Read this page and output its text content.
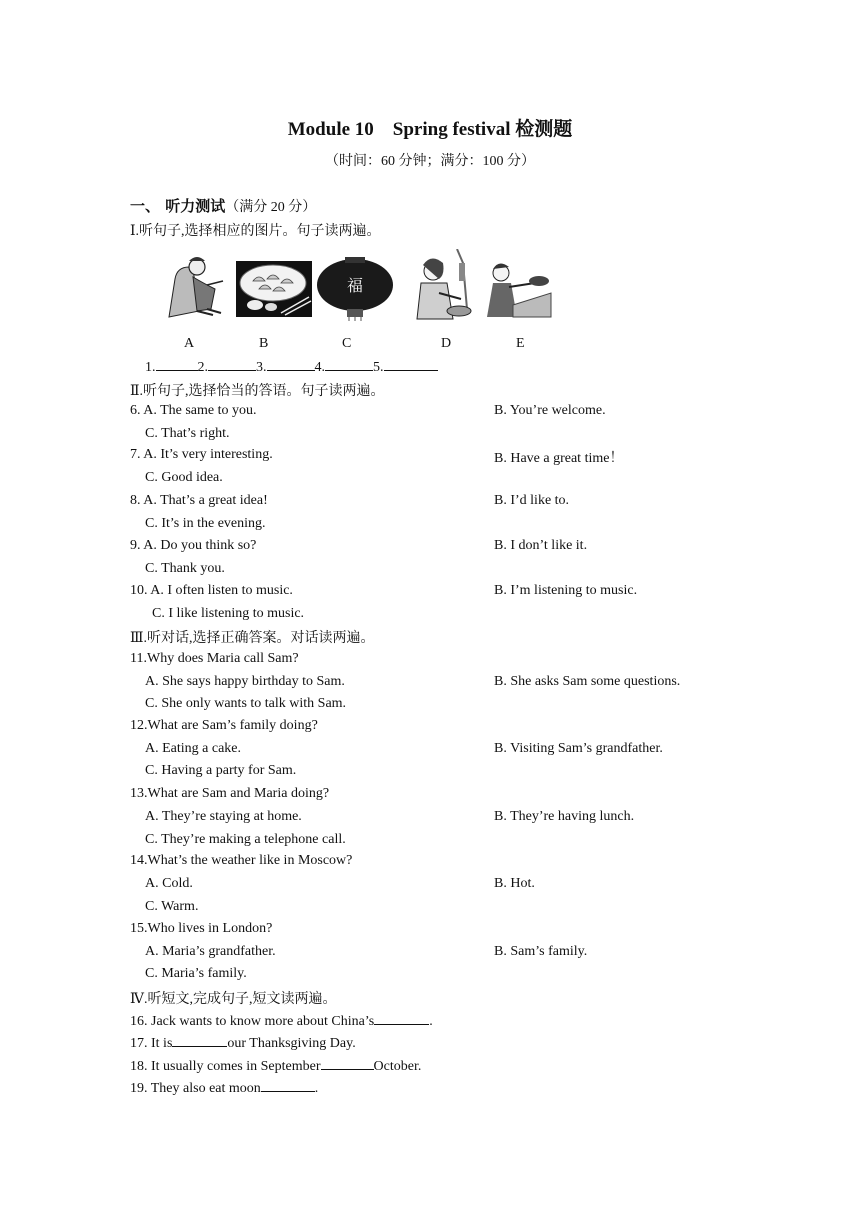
Module 10　Spring festival 检测题
（时间：60 分钟；满分：100 分）
一、 听力测试（满分 20 分）
Ⅰ.听句子,选择相应的图片。句子读两遍。
福
A	B	C	D	E
1.	2.	3.	4.	5.
Ⅱ.听句子,选择恰当的答语。句子读两遍。
6. A. The same to you.	B. You’re welcome.
C. That’s right.
7. A. It’s very interesting.	B. Have a great time！
C. Good idea.
8. A. That’s a great idea!	B. I’d like to.
C. It’s in the evening.
9. A. Do you think so?	B. I don’t like it.
C. Thank you.
10. A. I often listen to music.	B. I’m listening to music.
C. I like listening to music.
Ⅲ.听对话,选择正确答案。对话读两遍。
11.Why does Maria call Sam?
A. She says happy birthday to Sam.	B. She asks Sam some questions.
C. She only wants to talk with Sam.
12.What are Sam’s family doing?
A. Eating a cake.	B. Visiting Sam’s grandfather.
C. Having a party for Sam.
13.What are Sam and Maria doing?
A. They’re staying at home.	B. They’re having lunch.
C. They’re making a telephone call.
14.What’s the weather like in Moscow?
A. Cold.	B. Hot.
C. Warm.
15.Who lives in London?
A. Maria’s grandfather.	B. Sam’s family.
C. Maria’s family.
Ⅳ.听短文,完成句子,短文读两遍。
16. Jack wants to know more about China’s	.
17. It is	our Thanksgiving Day.
18. It usually comes in September	October.
19. They also eat moon	.
